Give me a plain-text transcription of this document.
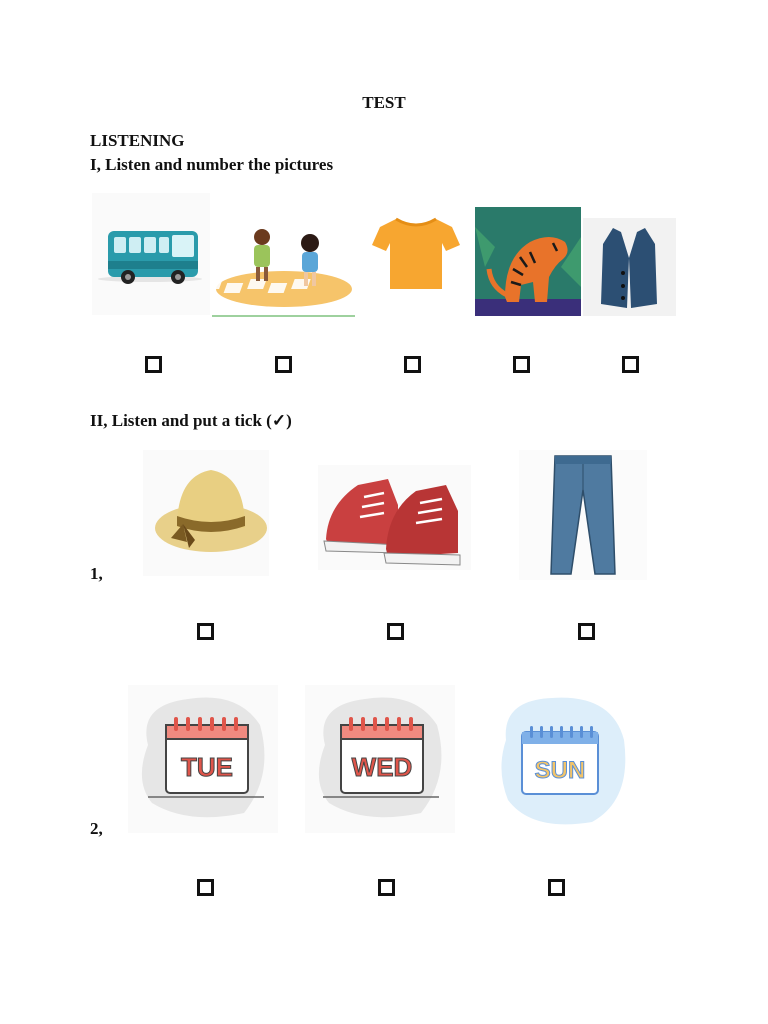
TEST
LISTENING
I, Listen and number the pictures
II, Listen and put a tick (✓)
1,
2,
TUE	WED	SUN
